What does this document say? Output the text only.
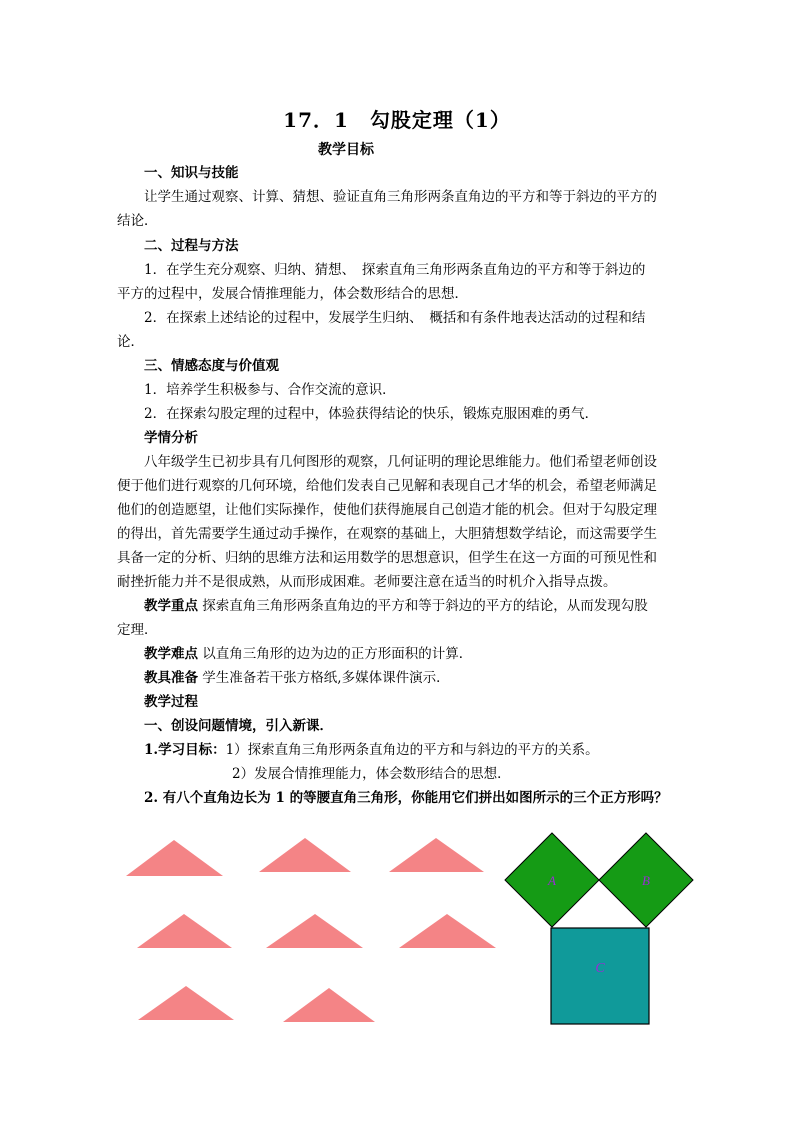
17．1　勾股定理（1）
教学目标
一、知识与技能
让学生通过观察、计算、猜想、验证直角三角形两条直角边的平方和等于斜边的平方的
结论．
二、过程与方法
1．在学生充分观察、归纳、猜想、　探索直角三角形两条直角边的平方和等于斜边的
平方的过程中，发展合情推理能力，体会数形结合的思想．
2．在探索上述结论的过程中，发展学生归纳、　概括和有条件地表达活动的过程和结
论．
三、情感态度与价值观
1．培养学生积极参与、合作交流的意识．
2．在探索勾股定理的过程中，体验获得结论的快乐，锻炼克服困难的勇气．
学情分析
八年级学生已初步具有几何图形的观察，几何证明的理论思维能力。他们希望老师创设
便于他们进行观察的几何环境，给他们发表自己见解和表现自己才华的机会，希望老师满足
他们的创造愿望，让他们实际操作，使他们获得施展自己创造才能的机会。但对于勾股定理
的得出，首先需要学生通过动手操作，在观察的基础上，大胆猜想数学结论，而这需要学生
具备一定的分析、归纳的思维方法和运用数学的思想意识，但学生在这一方面的可预见性和
耐挫折能力并不是很成熟，从而形成困难。老师要注意在适当的时机介入指导点拨。
教学重点 探索直角三角形两条直角边的平方和等于斜边的平方的结论，从而发现勾股
定理．
教学难点 以直角三角形的边为边的正方形面积的计算．
教具准备 学生准备若干张方格纸,多媒体课件演示．
教学过程
一、创设问题情境，引入新课．
1.学习目标：1）探索直角三角形两条直角边的平方和与斜边的平方的关系。
2）发展合情推理能力，体会数形结合的思想．
2. 有八个直角边长为 1 的等腰直角三角形，你能用它们拼出如图所示的三个正方形吗？
A	B
C
